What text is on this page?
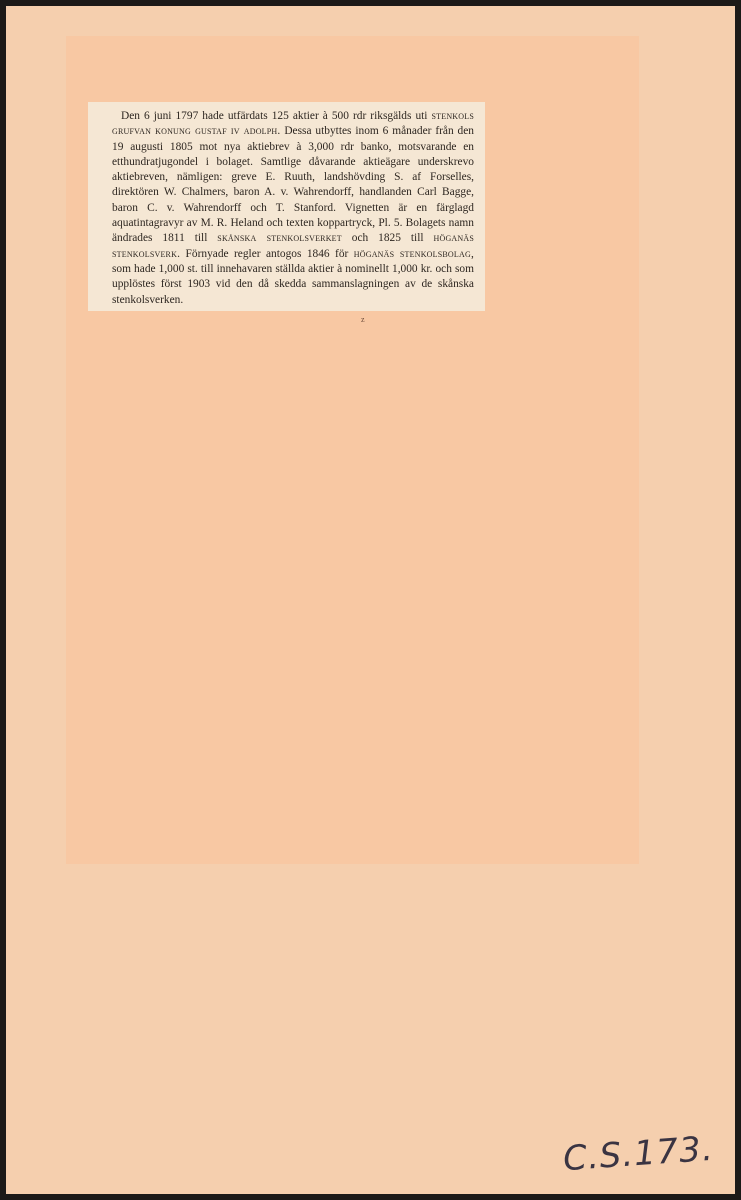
Den 6 juni 1797 hade utfärdats 125 aktier à 500 rdr riksgälds uti stenkols grufvan konung gustaf iv adolph. Dessa utbyttes inom 6 månader från den 19 augusti 1805 mot nya aktiebrev à 3,000 rdr banko, motsvarande en etthundratjugondel i bolaget. Samtlige dåvarande aktieägare underskrevo aktiebreven, nämligen: greve E. Ruuth, landshövding S. af Forselles, direktören W. Chalmers, baron A. v. Wahrendorff, handlanden Carl Bagge, baron C. v. Wahrendorff och T. Stanford. Vignetten är en färglagd aquatintagravyr av M. R. Heland och texten koppartryck, Pl. 5. Bolagets namn ändrades 1811 till skånska stenkolsverket och 1825 till höganäs stenkolsverk. Förnyade regler antogos 1846 för höganäs stenkolsbolag, som hade 1,000 st. till innehavaren ställda aktier à nominellt 1,000 kr. och som upplöstes först 1903 vid den då skedda sammanslagningen av de skånska stenkolsverken.

z
C.S.173.
